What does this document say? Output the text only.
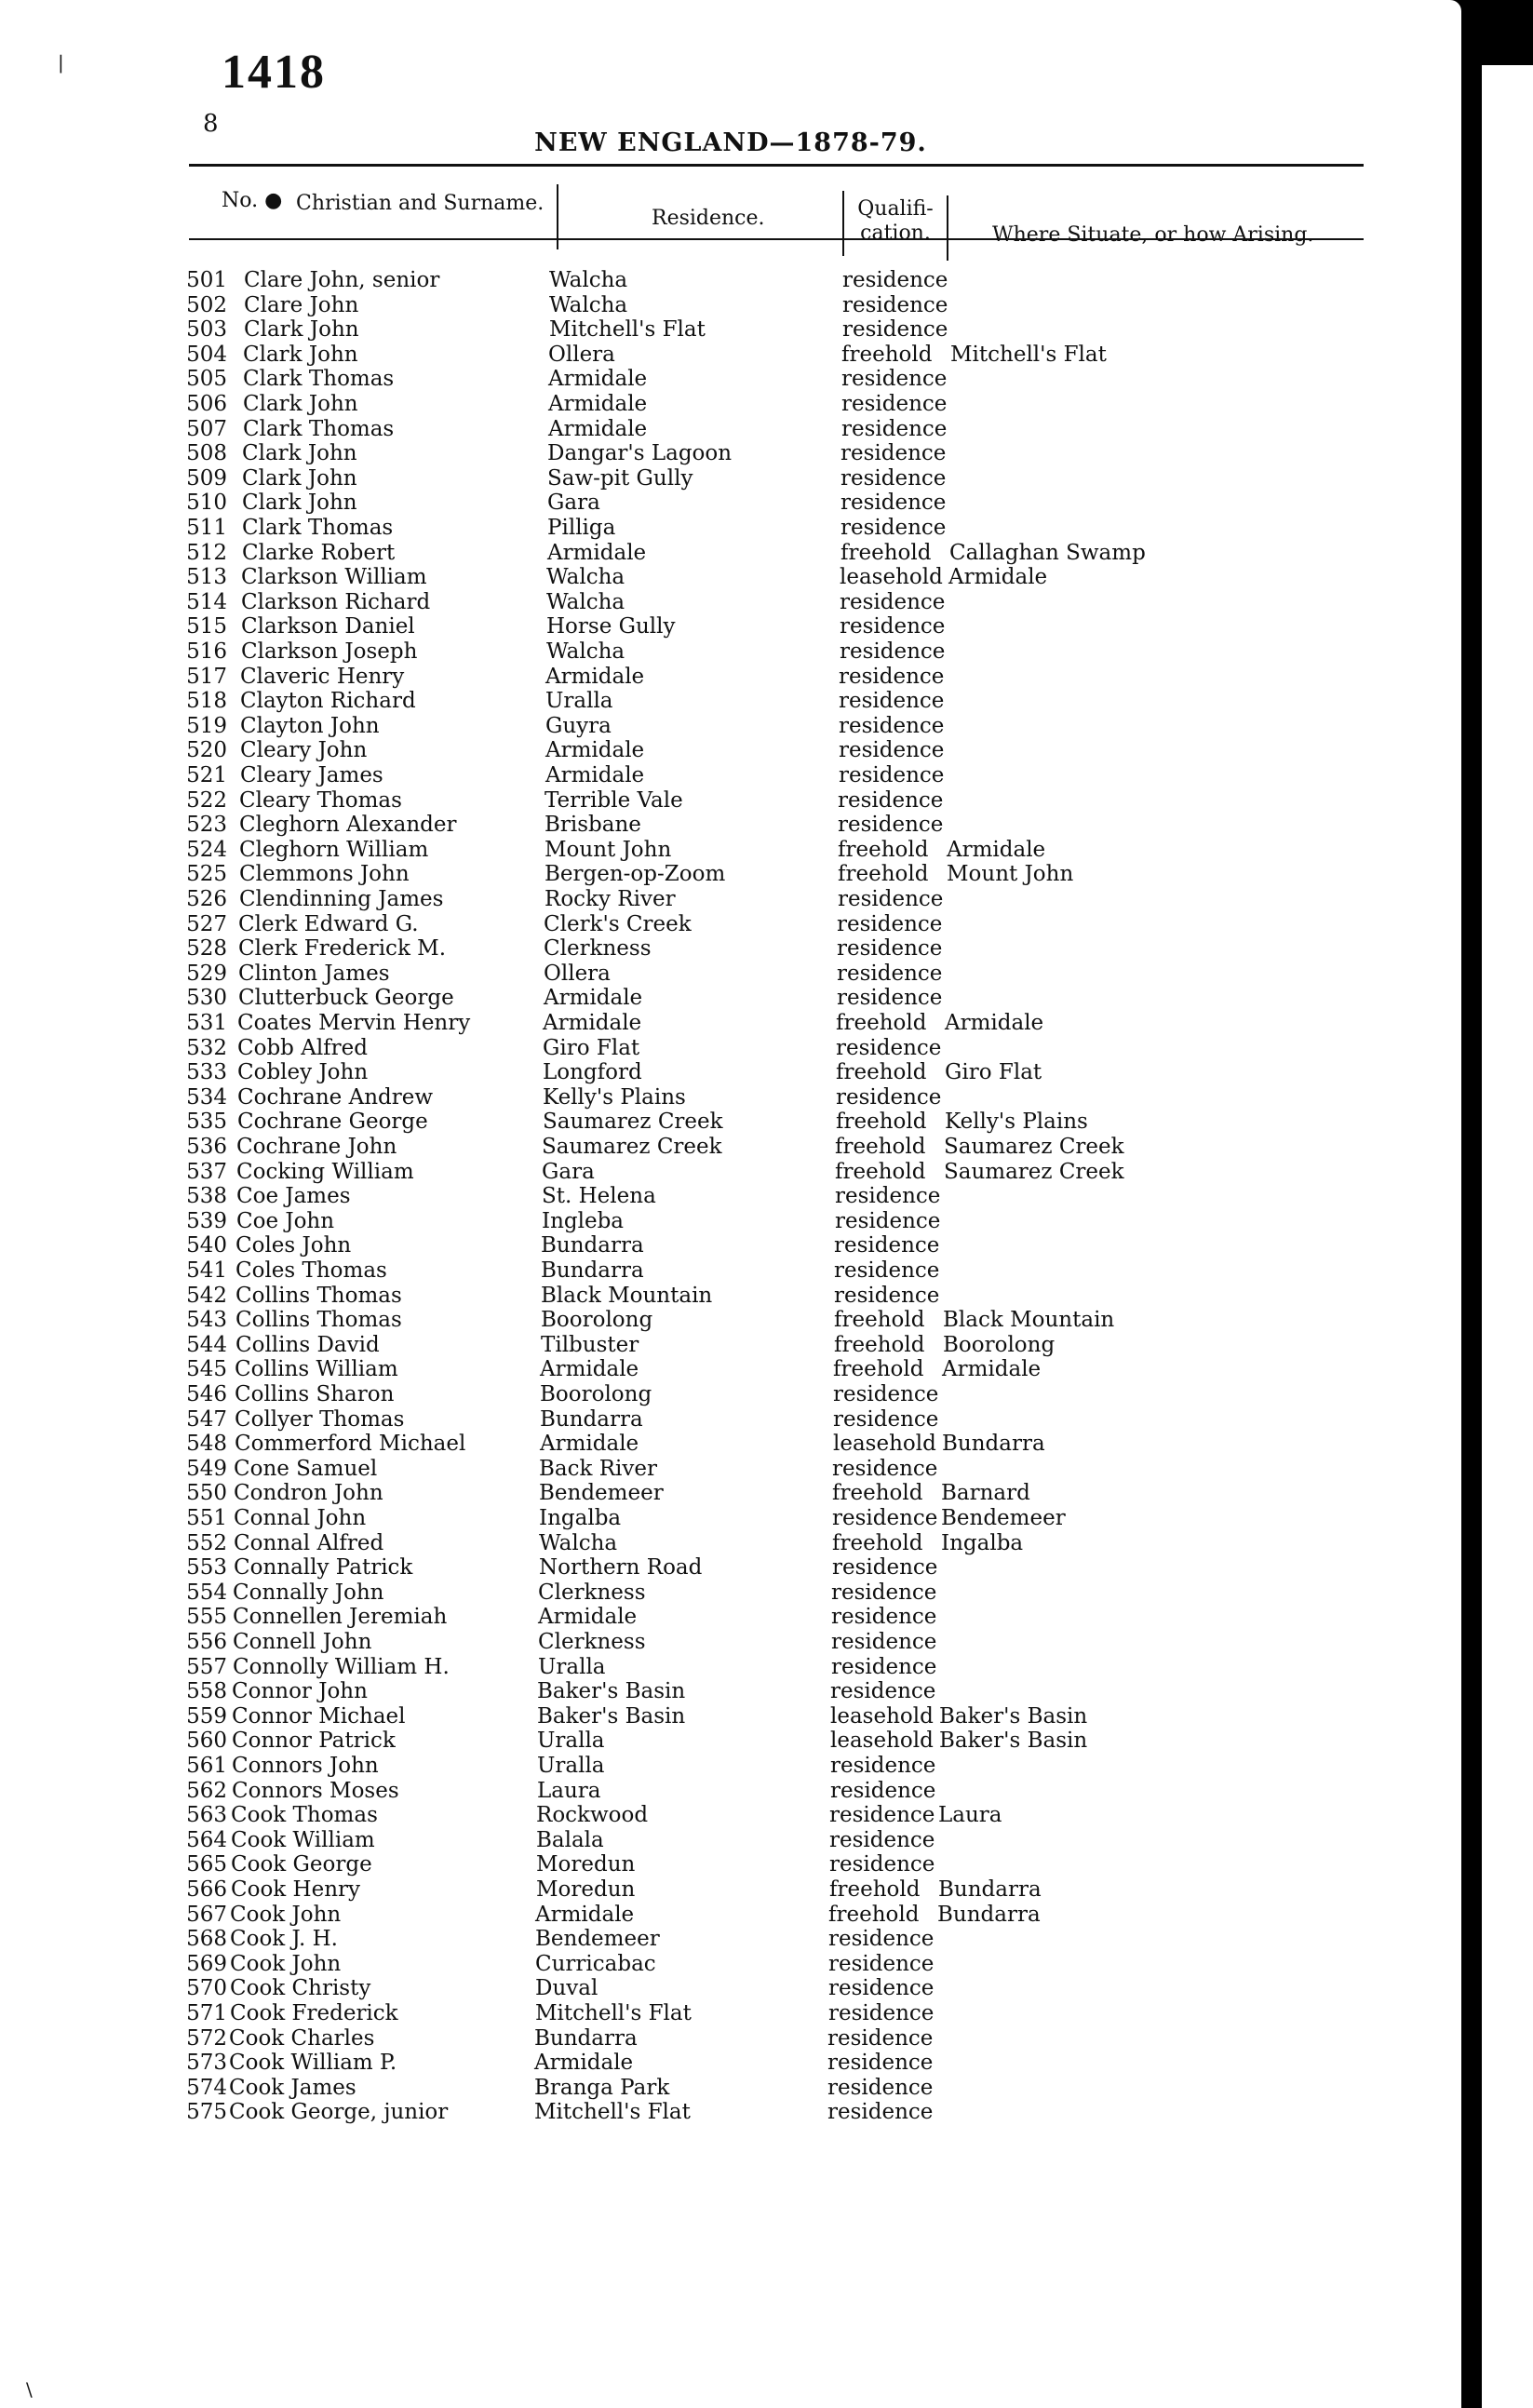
1418
8
NEW ENGLAND—1878-79.
No. ● Christian and Surname.
Residence.	Qualifi-
cation.	Where Situate, or how Arising.
501 Clare John, senior	Walcha	residence
502 Clare John	Walcha	residence
503 Clark John	Mitchell's Flat	residence
504 Clark John	Ollera	freehold Mitchell's Flat
505 Clark Thomas	Armidale	residence
506 Clark John	Armidale	residence
507 Clark Thomas	Armidale	residence
508 Clark John	Dangar's Lagoon	residence
509 Clark John	Saw-pit Gully	residence
510 Clark John	Gara	residence
511 Clark Thomas	Pilliga	residence
512 Clarke Robert	Armidale	freehold Callaghan Swamp
513 Clarkson William	Walcha	leasehold Armidale
514 Clarkson Richard	Walcha	residence
515 Clarkson Daniel	Horse Gully	residence
516 Clarkson Joseph	Walcha	residence
517 Claveric Henry	Armidale	residence
518 Clayton Richard	Uralla	residence
519 Clayton John	Guyra	residence
520 Cleary John	Armidale	residence
521 Cleary James	Armidale	residence
522 Cleary Thomas	Terrible Vale	residence
523 Cleghorn Alexander	Brisbane	residence
524 Cleghorn William	Mount John	freehold Armidale
525 Clemmons John	Bergen-op-Zoom	freehold Mount John
526 Clendinning James	Rocky River	residence
527 Clerk Edward G.	Clerk's Creek	residence
528 Clerk Frederick M.	Clerkness	residence
529 Clinton James	Ollera	residence
530 Clutterbuck George	Armidale	residence
531 Coates Mervin Henry	Armidale	freehold Armidale
532 Cobb Alfred	Giro Flat	residence
533 Cobley John	Longford	freehold Giro Flat
534 Cochrane Andrew	Kelly's Plains	residence
535 Cochrane George	Saumarez Creek	freehold Kelly's Plains
536 Cochrane John	Saumarez Creek	freehold Saumarez Creek
537 Cocking William	Gara	freehold Saumarez Creek
538 Coe James	St. Helena	residence
539 Coe John	Ingleba	residence
540 Coles John	Bundarra	residence
541 Coles Thomas	Bundarra	residence
542 Collins Thomas	Black Mountain	residence
543 Collins Thomas	Boorolong	freehold Black Mountain
544 Collins David	Tilbuster	freehold Boorolong
545 Collins William	Armidale	freehold Armidale
546 Collins Sharon	Boorolong	residence
547 Collyer Thomas	Bundarra	residence
548 Commerford Michael	Armidale	leasehold Bundarra
549 Cone Samuel	Back River	residence
550 Condron John	Bendemeer	freehold Barnard
551 Connal John	Ingalba	residence Bendemeer
552 Connal Alfred	Walcha	freehold Ingalba
553 Connally Patrick	Northern Road	residence
554 Connally John	Clerkness	residence
555 Connellen Jeremiah	Armidale	residence
556 Connell John	Clerkness	residence
557 Connolly William H.	Uralla	residence
558 Connor John	Baker's Basin	residence
559 Connor Michael	Baker's Basin	leasehold Baker's Basin
560 Connor Patrick	Uralla	leasehold Baker's Basin
561 Connors John	Uralla	residence
562 Connors Moses	Laura	residence
563 Cook Thomas	Rockwood	residence Laura
564 Cook William	Balala	residence
565 Cook George	Moredun	residence
566 Cook Henry	Moredun	freehold Bundarra
567 Cook John	Armidale	freehold Bundarra
568 Cook J. H.	Bendemeer	residence
569 Cook John	Curricabac	residence
570 Cook Christy	Duval	residence
571 Cook Frederick	Mitchell's Flat	residence
572 Cook Charles	Bundarra	residence
573 Cook William P.	Armidale	residence
574 Cook James	Branga Park	residence
575 Cook George, junior	Mitchell's Flat	residence
|
\
